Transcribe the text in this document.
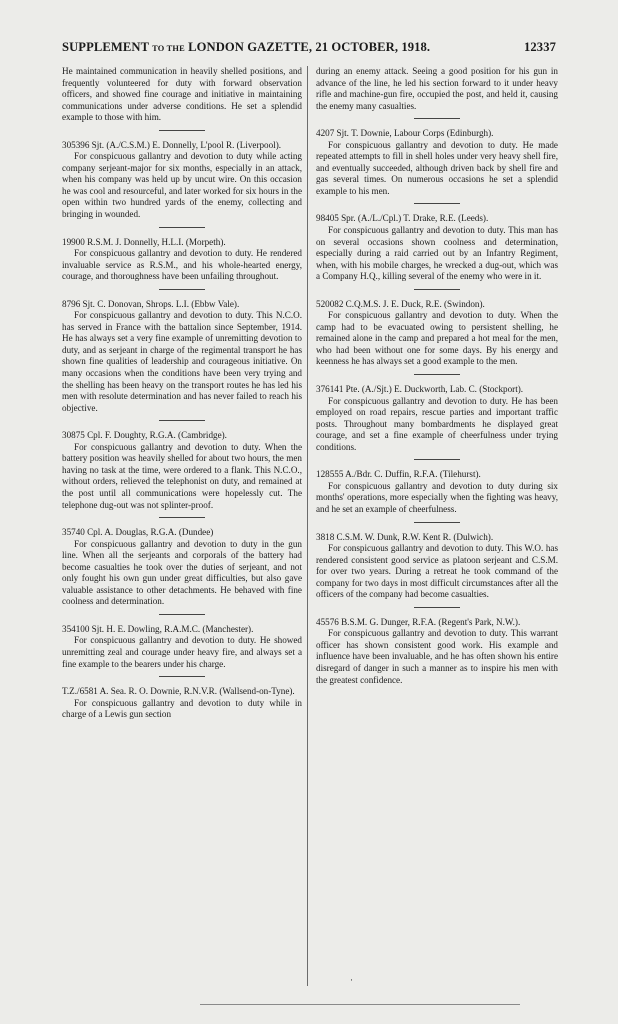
SUPPLEMENT TO THE LONDON GAZETTE, 21 OCTOBER, 1918.	12337

He maintained communication in heavily shelled positions, and frequently volunteered for duty with forward observation officers, and showed fine courage and initiative in maintaining communications under adverse conditions. He set a splendid example to those with him.

305396 Sjt. (A./C.S.M.) E. Donnelly, L'pool R. (Liverpool).

For conspicuous gallantry and devotion to duty while acting company serjeant-major for six months, especially in an attack, when his company was held up by uncut wire. On this occasion he was cool and resourceful, and later worked for six hours in the open within two hundred yards of the enemy, collecting and bringing in wounded.

19900 R.S.M. J. Donnelly, H.L.I. (Morpeth).

For conspicuous gallantry and devotion to duty. He rendered invaluable service as R.S.M., and his whole-hearted energy, courage, and thoroughness have been unfailing throughout.

8796 Sjt. C. Donovan, Shrops. L.I. (Ebbw Vale).

For conspicuous gallantry and devotion to duty. This N.C.O. has served in France with the battalion since September, 1914. He has always set a very fine example of unremitting devotion to duty, and as serjeant in charge of the regimental transport he has shown fine qualities of leadership and courageous initiative. On many occasions when the conditions have been very trying and the shelling has been heavy on the transport routes he has led his men with resolute determination and has never failed to reach his objective.

30875 Cpl. F. Doughty, R.G.A. (Cambridge).

For conspicuous gallantry and devotion to duty. When the battery position was heavily shelled for about two hours, the men having no task at the time, were ordered to a flank. This N.C.O., without orders, relieved the telephonist on duty, and remained at the post until all communications were hopelessly cut. The telephone dug-out was not splinter-proof.

35740 Cpl. A. Douglas, R.G.A. (Dundee)

For conspicuous gallantry and devotion to duty in the gun line. When all the serjeants and corporals of the battery had become casualties he took over the duties of serjeant, and not only fought his own gun under great difficulties, but also gave valuable assistance to other detachments. He behaved with fine coolness and determination.

354100 Sjt. H. E. Dowling, R.A.M.C. (Manchester).

For conspicuous gallantry and devotion to duty. He showed unremitting zeal and courage under heavy fire, and always set a fine example to the bearers under his charge.

T.Z./6581 A. Sea. R. O. Downie, R.N.V.R. (Wallsend-on-Tyne).

For conspicuous gallantry and devotion to duty while in charge of a Lewis gun section

during an enemy attack. Seeing a good position for his gun in advance of the line, he led his section forward to it under heavy rifle and machine-gun fire, occupied the post, and held it, causing the enemy many casualties.

4207 Sjt. T. Downie, Labour Corps (Edinburgh).

For conspicuous gallantry and devotion to duty. He made repeated attempts to fill in shell holes under very heavy shell fire, and eventually succeeded, although driven back by shell fire and gas several times. On numerous occasions he set a splendid example to his men.

98405 Spr. (A./L./Cpl.) T. Drake, R.E. (Leeds).

For conspicuous gallantry and devotion to duty. This man has on several occasions shown coolness and determination, especially during a raid carried out by an Infantry Regiment, when, with his mobile charges, he wrecked a dug-out, which was a Company H.Q., killing several of the enemy who were in it.

520082 C.Q.M.S. J. E. Duck, R.E. (Swindon).

For conspicuous gallantry and devotion to duty. When the camp had to be evacuated owing to persistent shelling, he remained alone in the camp and prepared a hot meal for the men, who had been without one for some days. By his energy and keenness he has always set a good example to the men.

376141 Pte. (A./Sjt.) E. Duckworth, Lab. C. (Stockport).

For conspicuous gallantry and devotion to duty. He has been employed on road repairs, rescue parties and important traffic posts. Throughout many bombardments he displayed great courage, and set a fine example of cheerfulness under trying conditions.

128555 A./Bdr. C. Duffin, R.F.A. (Tilehurst).

For conspicuous gallantry and devotion to duty during six months' operations, more especially when the fighting was heavy, and he set an example of cheerfulness.

3818 C.S.M. W. Dunk, R.W. Kent R. (Dulwich).

For conspicuous gallantry and devotion to duty. This W.O. has rendered consistent good service as platoon serjeant and C.S.M. for over two years. During a retreat he took command of the company for two days in most difficult circumstances after all the officers of the company had become casualties.

45576 B.S.M. G. Dunger, R.F.A. (Regent's Park, N.W.).

For conspicuous gallantry and devotion to duty. This warrant officer has shown consistent good work. His example and influence have been invaluable, and he has often shown his entire disregard of danger in such a manner as to inspire his men with the greatest confidence.

·
